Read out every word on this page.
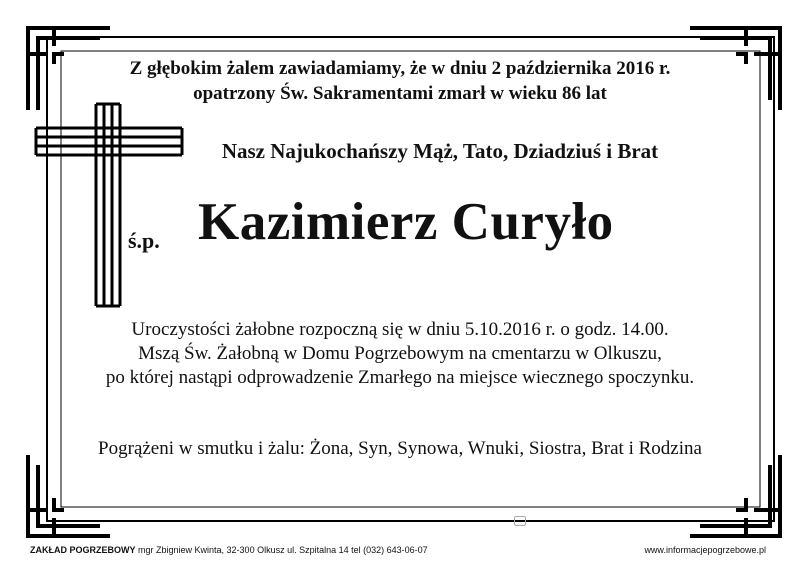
Z głębokim żalem zawiadamiamy, że w dniu 2 października 2016 r.
opatrzony Św. Sakramentami zmarł w wieku 86 lat
Nasz Najukochańszy Mąż, Tato, Dziadziuś i Brat
ś.p. Kazimierz Curyło
Uroczystości żałobne rozpoczną się w dniu 5.10.2016 r. o godz. 14.00.
Mszą Św. Żałobną w Domu Pogrzebowym na cmentarzu w Olkuszu,
po której nastąpi odprowadzenie Zmarłego na miejsce wiecznego spoczynku.
Pogrążeni w smutku i żalu: Żona, Syn, Synowa, Wnuki, Siostra, Brat i Rodzina
ZAKŁAD POGRZEBOWY mgr Zbigniew Kwinta, 32-300 Olkusz ul. Szpitalna 14 tel (032) 643-06-07	www.informacjepogrzebowe.pl
